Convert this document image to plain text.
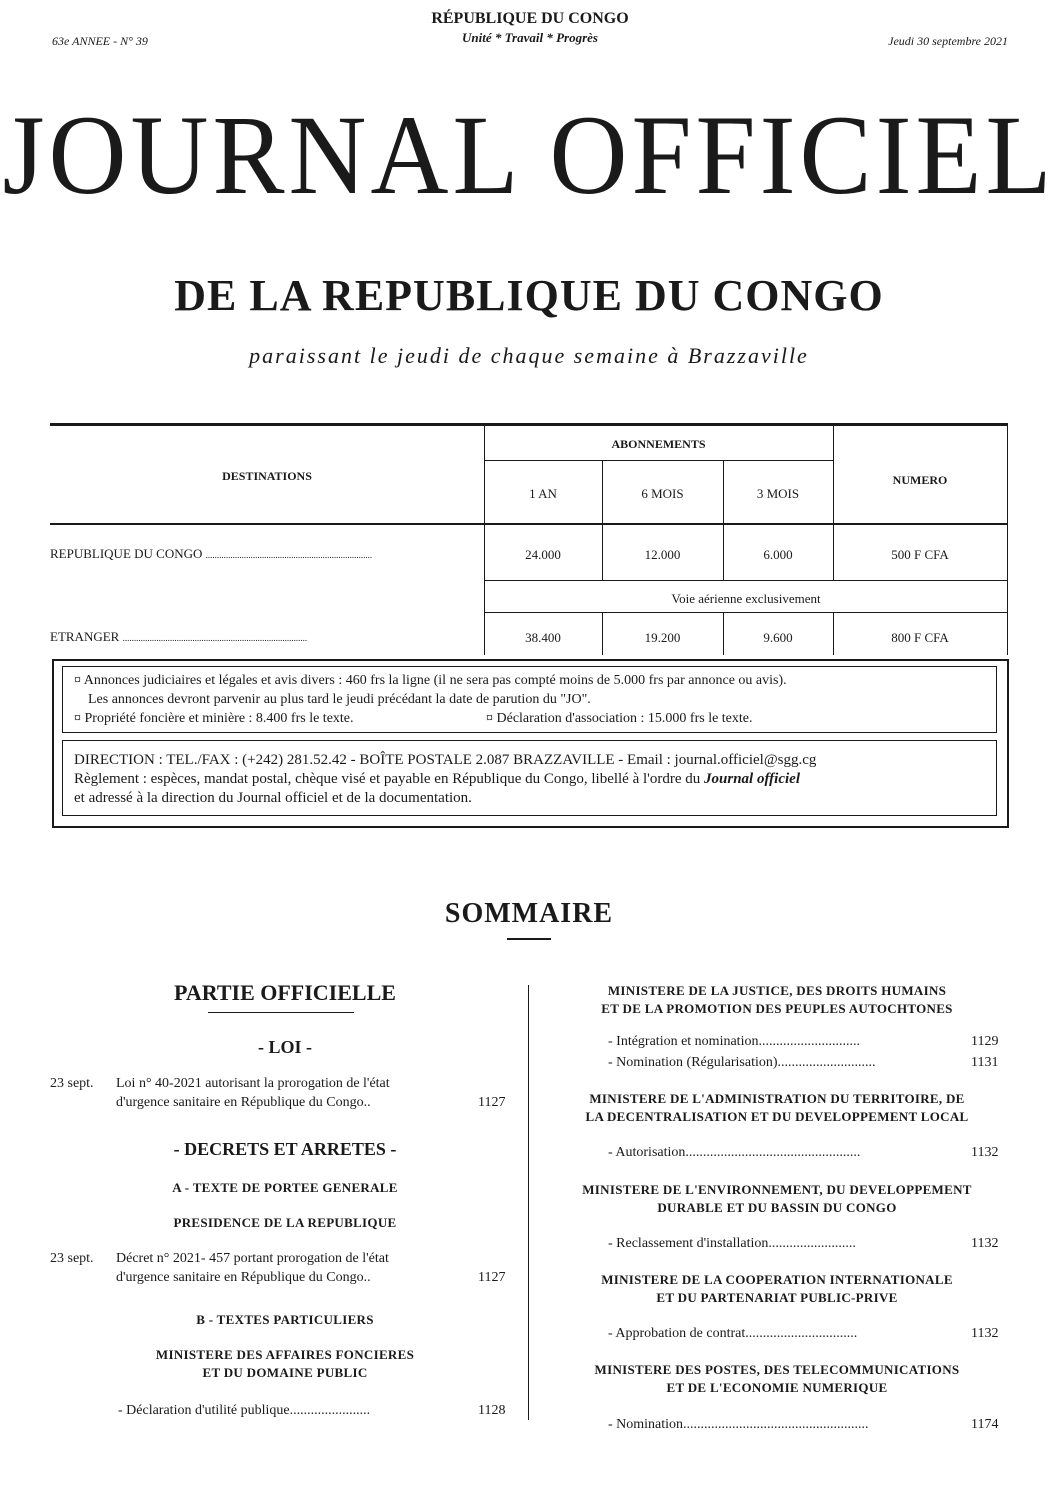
63e ANNEE - N° 39
RÉPUBLIQUE DU CONGO
Unité * Travail * Progrès	Jeudi 30 septembre 2021
JOURNAL OFFICIEL
DE LA REPUBLIQUE DU CONGO
paraissant le jeudi de chaque semaine à Brazzaville
DESTINATIONS
ABONNEMENTS
1 AN	6 MOIS	3 MOIS
NUMERO
REPUBLIQUE DU CONGO ..........................................................................	24.000	12.000	6.000	500 F CFA
Voie aérienne exclusivement
ETRANGER ..................................................................................	38.400	19.200	9.600	800 F CFA
¤ Annonces judiciaires et légales et avis divers : 460 frs la ligne (il ne sera pas compté moins de 5.000 frs par annonce ou avis).
Les annonces devront parvenir au plus tard le jeudi précédant la date de parution du "JO".
¤ Propriété foncière et minière : 8.400 frs le texte.	¤ Déclaration d'association : 15.000 frs le texte.
DIRECTION : TEL./FAX : (+242) 281.52.42 - BOÎTE POSTALE 2.087 BRAZZAVILLE - Email : journal.officiel@sgg.cg
Règlement : espèces, mandat postal, chèque visé et payable en République du Congo, libellé à l'ordre du Journal officiel
et adressé à la direction du Journal officiel et de la documentation.
SOMMAIRE
PARTIE OFFICIELLE
- LOI -
23 sept. Loi n° 40-2021 autorisant la prorogation de l'état
d'urgence sanitaire en République du Congo..	1127
- DECRETS ET ARRETES -
A - TEXTE DE PORTEE GENERALE
PRESIDENCE DE LA REPUBLIQUE
23 sept. Décret n° 2021- 457 portant prorogation de l'état
d'urgence sanitaire en République du Congo..	1127
B - TEXTES PARTICULIERS
MINISTERE DES AFFAIRES FONCIERES
ET DU DOMAINE PUBLIC
- Déclaration d'utilité publique.......................	1128
MINISTERE DE LA JUSTICE, DES DROITS HUMAINS
ET DE LA PROMOTION DES PEUPLES AUTOCHTONES
- Intégration et nomination.............................	1129
- Nomination (Régularisation)............................	1131
MINISTERE DE L'ADMINISTRATION DU TERRITOIRE, DE
LA DECENTRALISATION ET DU DEVELOPPEMENT LOCAL
- Autorisation..................................................	1132
MINISTERE DE L'ENVIRONNEMENT, DU DEVELOPPEMENT
DURABLE ET DU BASSIN DU CONGO
- Reclassement d'installation.........................	1132
MINISTERE DE LA COOPERATION INTERNATIONALE
ET DU PARTENARIAT PUBLIC-PRIVE
- Approbation de contrat................................	1132
MINISTERE DES POSTES, DES TELECOMMUNICATIONS
ET DE L'ECONOMIE NUMERIQUE
- Nomination.....................................................	1174
